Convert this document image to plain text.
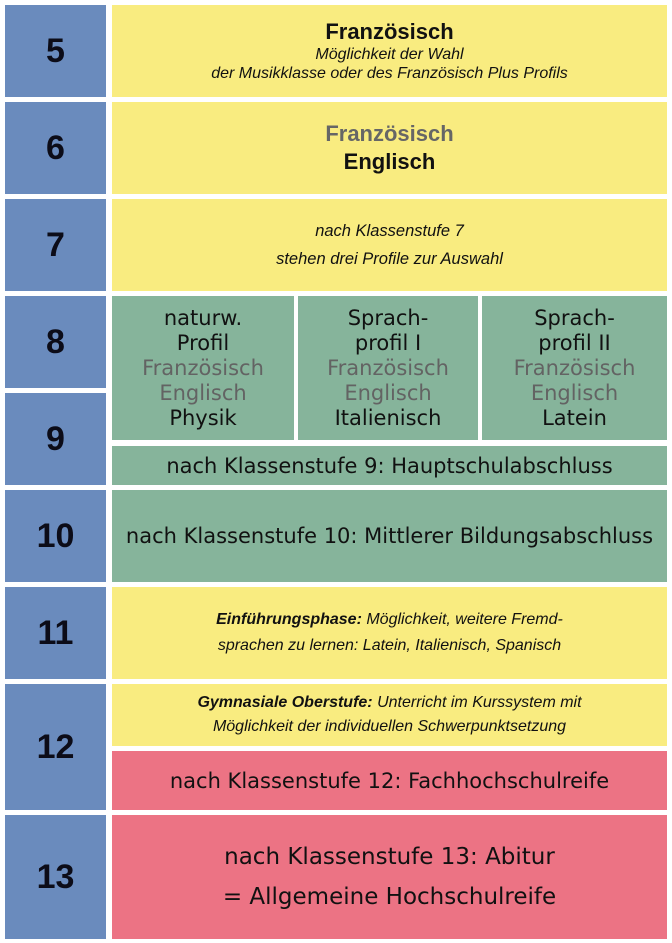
5
6
7
8
9
10
11
12
13
Französisch
Möglichkeit der Wahl
der Musikklasse oder des Französisch Plus Profils
Französisch
Englisch
nach Klassenstufe 7
stehen drei Profile zur Auswahl
naturw.
Profil
Französisch
Englisch
Physik
Sprach-
profil I
Französisch
Englisch
Italienisch
Sprach-
profil II
Französisch
Englisch
Latein
nach Klassenstufe 9: Hauptschulabschluss
nach Klassenstufe 10: Mittlerer Bildungsabschluss
Einführungsphase: Möglichkeit, weitere Fremd-
sprachen zu lernen: Latein, Italienisch, Spanisch
Gymnasiale Oberstufe: Unterricht im Kurssystem mit
Möglichkeit der individuellen Schwerpunktsetzung
nach Klassenstufe 12: Fachhochschulreife
nach Klassenstufe 13: Abitur
= Allgemeine Hochschulreife
